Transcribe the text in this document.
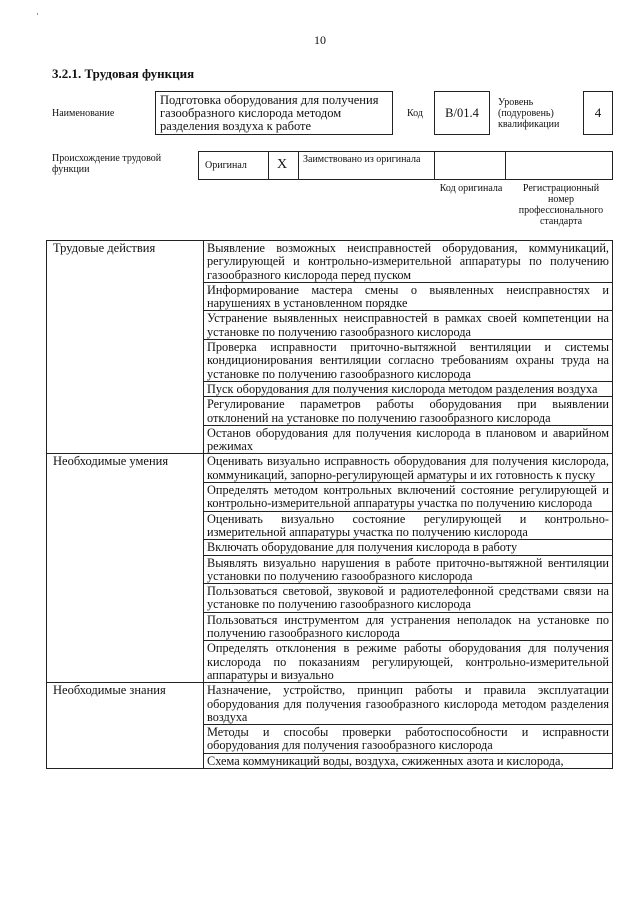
·
10
3.2.1. Трудовая функция
Наименование
Подготовка оборудования для получения газообразного кислорода методом разделения воздуха к работе
Код	В/01.4
Уровень (подуровень) квалификации
4
Происхождение трудовой функции	Оригинал X Заимствовано из оригинала
Код оригинала	Регистрационный номер профессионального стандарта
Трудовые действия	Выявление возможных неисправностей оборудования, коммуникаций, регулирующей и контрольно-измерительной аппаратуры по получению газообразного кислорода перед пуском
	Информирование мастера смены о выявленных неисправностях и нарушениях в установленном порядке
	Устранение выявленных неисправностей в рамках своей компетенции на установке по получению газообразного кислорода
	Проверка исправности приточно-вытяжной вентиляции и системы кондиционирования вентиляции согласно требованиям охраны труда на установке по получению газообразного кислорода
	Пуск оборудования для получения кислорода методом разделения воздуха
	Регулирование параметров работы оборудования при выявлении отклонений на установке по получению газообразного кислорода
	Останов оборудования для получения кислорода в плановом и аварийном режимах
Необходимые умения	Оценивать визуально исправность оборудования для получения кислорода, коммуникаций, запорно-регулирующей арматуры и их готовность к пуску
	Определять методом контрольных включений состояние регулирующей и контрольно-измерительной аппаратуры участка по получению кислорода
	Оценивать визуально состояние регулирующей и контрольно-измерительной аппаратуры участка по получению кислорода
	Включать оборудование для получения кислорода в работу
	Выявлять визуально нарушения в работе приточно-вытяжной вентиляции установки по получению газообразного кислорода
	Пользоваться световой, звуковой и радиотелефонной средствами связи на установке по получению газообразного кислорода
	Пользоваться инструментом для устранения неполадок на установке по получению газообразного кислорода
	Определять отклонения в режиме работы оборудования для получения кислорода по показаниям регулирующей, контрольно-измерительной аппаратуры и визуально
Необходимые знания	Назначение, устройство, принцип работы и правила эксплуатации оборудования для получения газообразного кислорода методом разделения воздуха
	Методы и способы проверки работоспособности и исправности оборудования для получения газообразного кислорода
	Схема коммуникаций воды, воздуха, сжиженных азота и кислорода,
